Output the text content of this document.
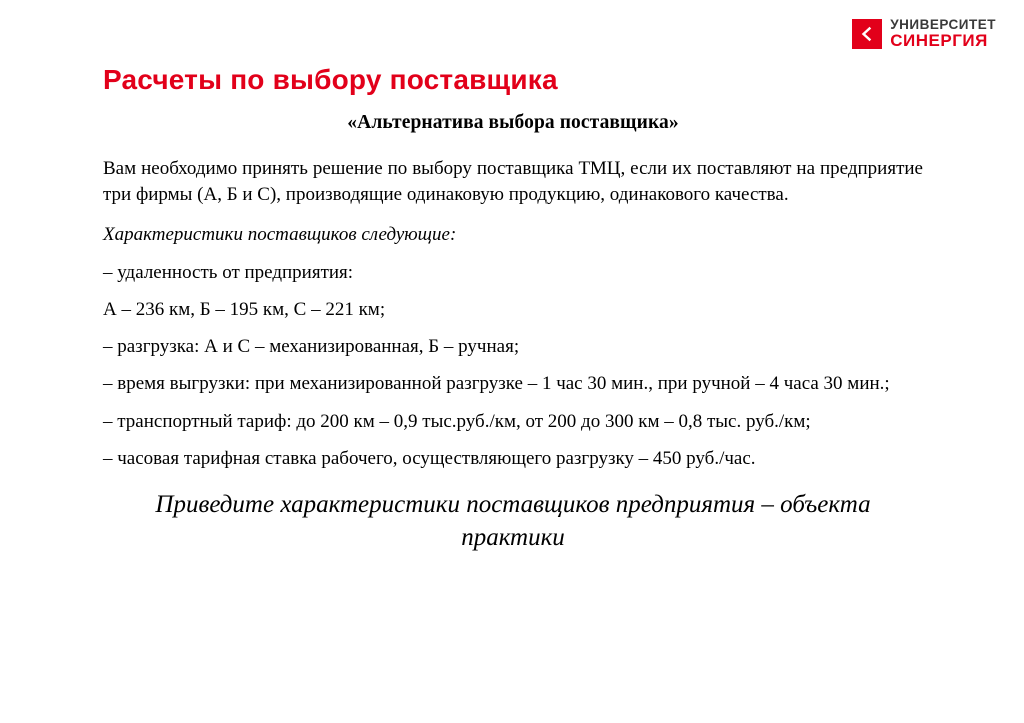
УНИВЕРСИТЕТ
СИНЕРГИЯ
Расчеты по выбору поставщика

«Альтернатива выбора поставщика»

Вам необходимо принять решение по выбору поставщика ТМЦ, если их поставляют на предприятие три фирмы (А, Б и С), производящие одинаковую продукцию, одинакового качества.

Характеристики поставщиков следующие:

– удаленность от предприятия:

А – 236 км, Б – 195 км, С – 221 км;

– разгрузка: А и С – механизированная, Б – ручная;

– время выгрузки: при механизированной разгрузке – 1 час 30 мин., при ручной – 4 часа 30 мин.;

– транспортный тариф: до 200 км – 0,9 тыс.руб./км, от 200 до 300 км – 0,8 тыс. руб./км;

– часовая тарифная ставка рабочего, осуществляющего разгрузку – 450 руб./час.

Приведите характеристики поставщиков предприятия – объекта практики
